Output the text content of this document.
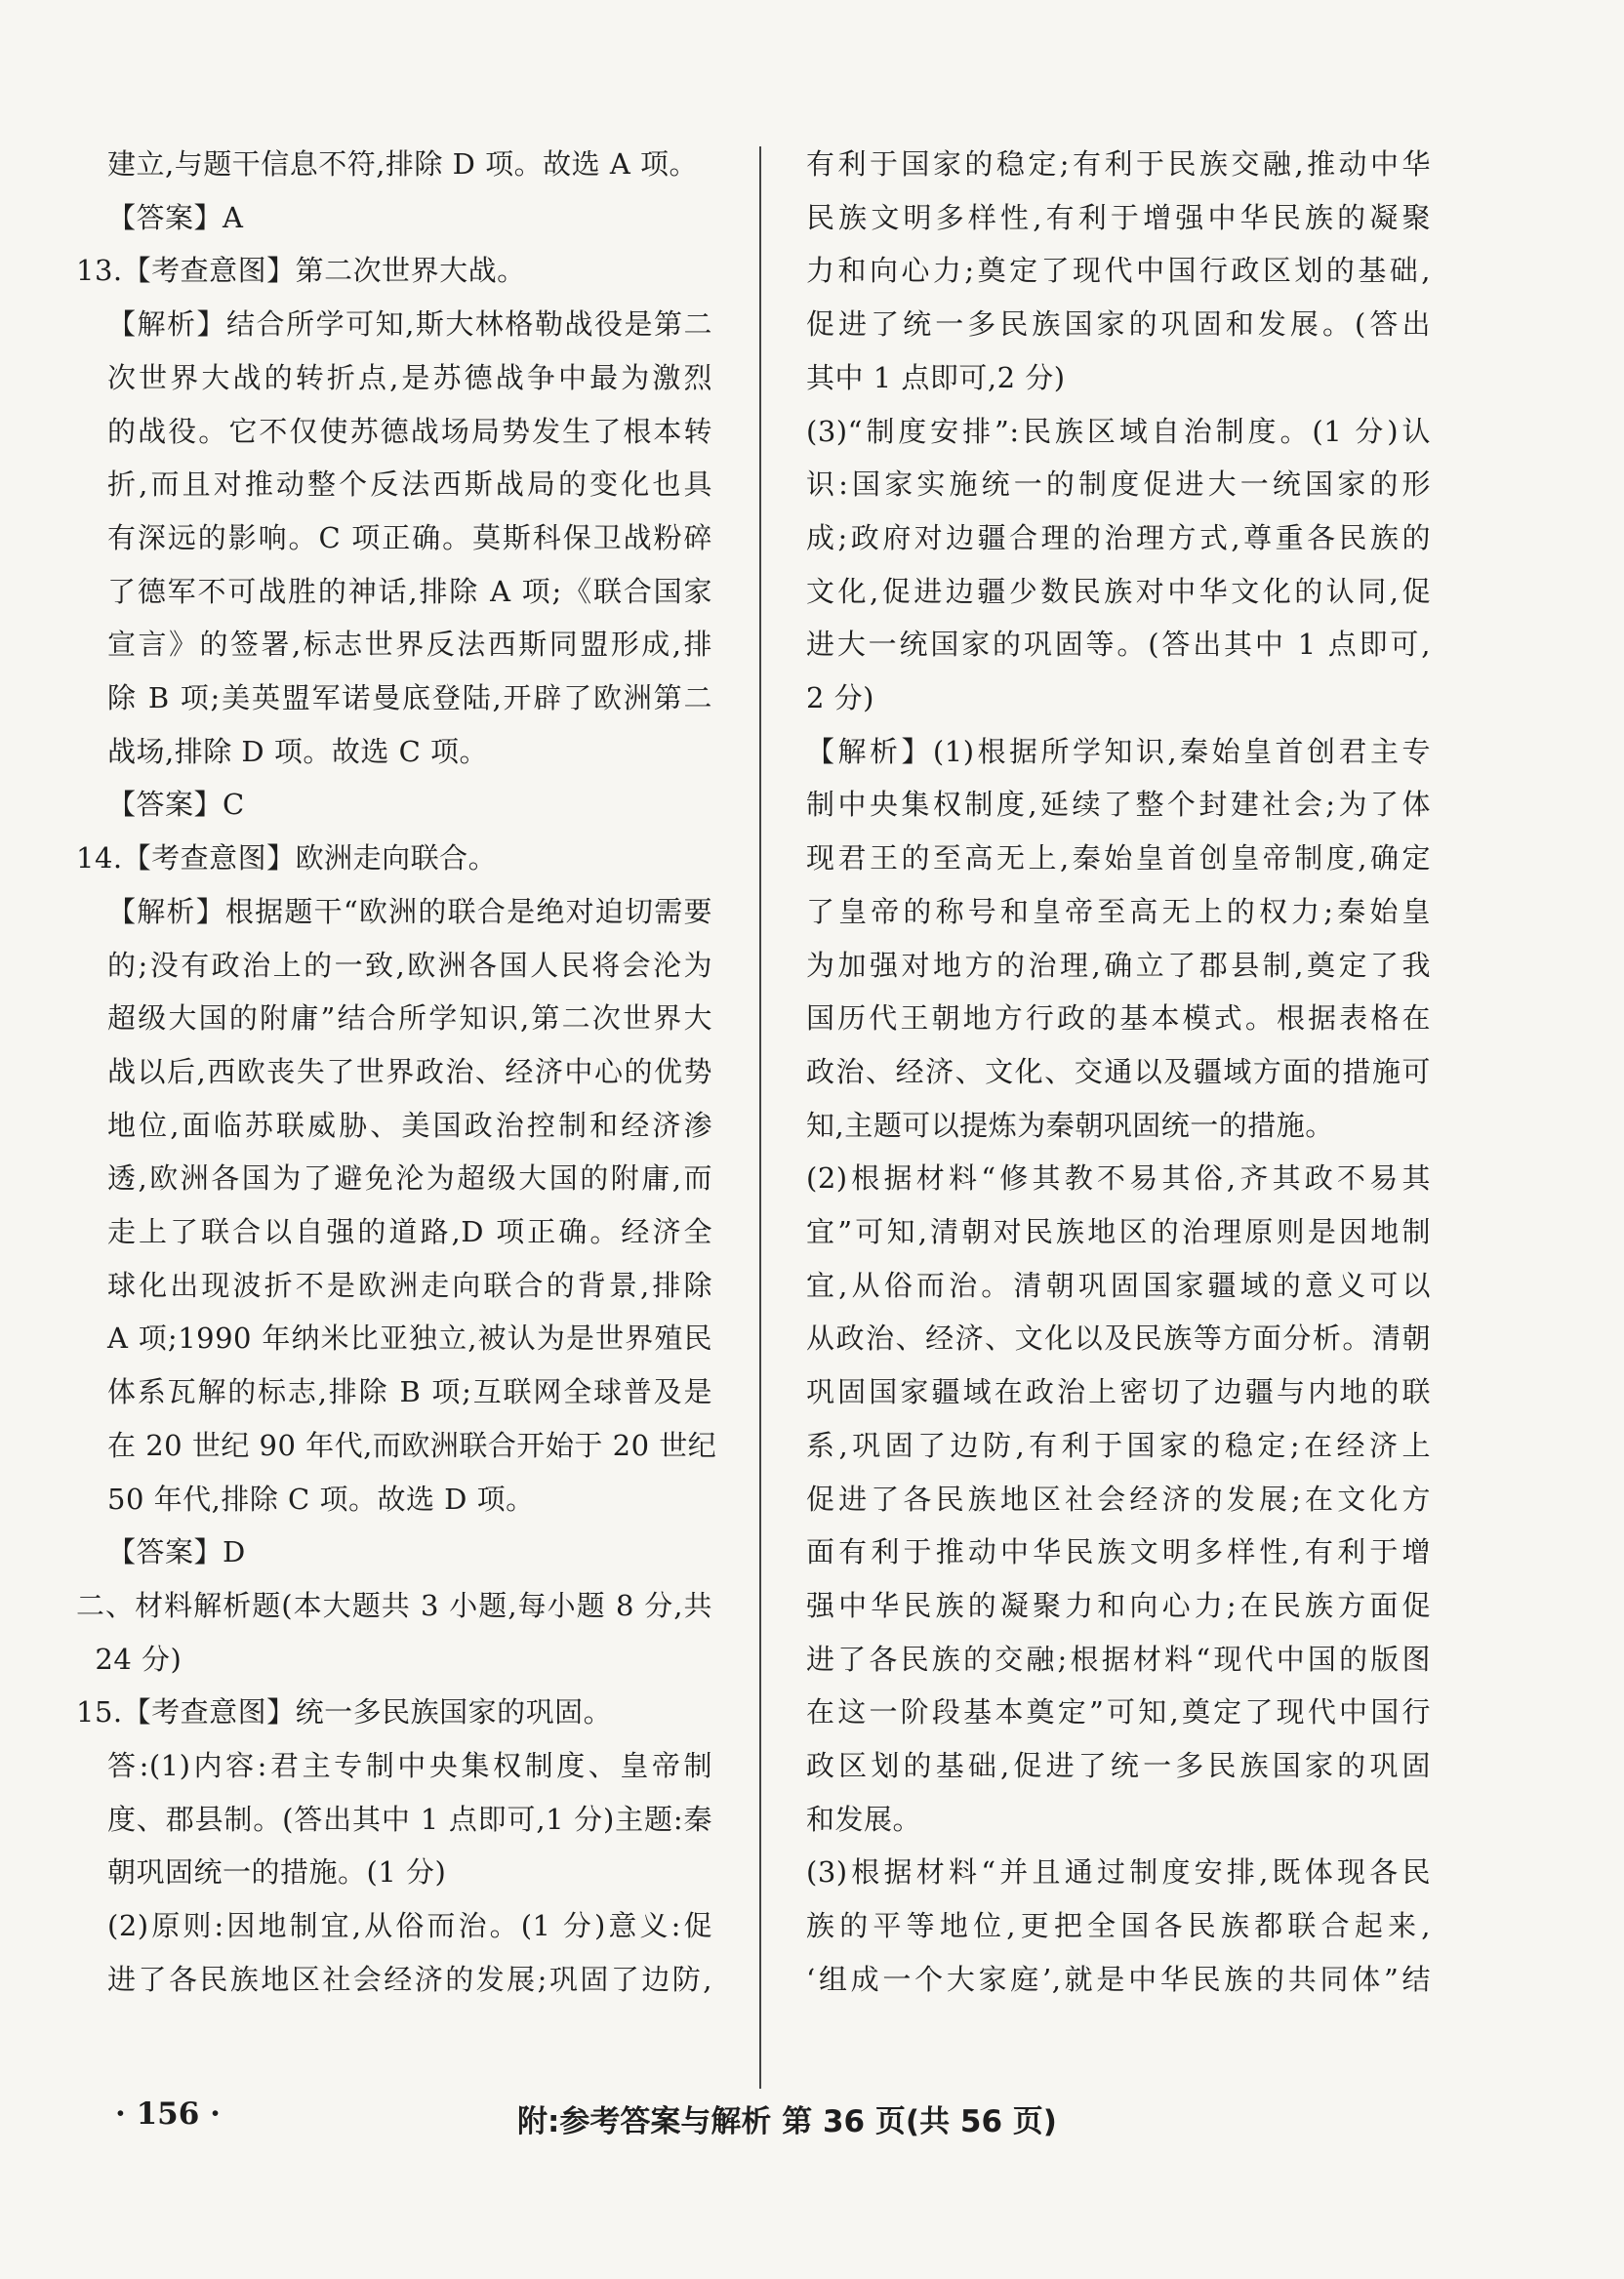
建立,与题干信息不符,排除 D 项。故选 A 项。
【答案】A
13.【考查意图】第二次世界大战。
【解析】结合所学可知,斯大林格勒战役是第二
次世界大战的转折点,是苏德战争中最为激烈
的战役。它不仅使苏德战场局势发生了根本转
折,而且对推动整个反法西斯战局的变化也具
有深远的影响。C 项正确。莫斯科保卫战粉碎
了德军不可战胜的神话,排除 A 项;《联合国家
宣言》的签署,标志世界反法西斯同盟形成,排
除 B 项;美英盟军诺曼底登陆,开辟了欧洲第二
战场,排除 D 项。故选 C 项。
【答案】C
14.【考查意图】欧洲走向联合。
【解析】根据题干“欧洲的联合是绝对迫切需要
的;没有政治上的一致,欧洲各国人民将会沦为
超级大国的附庸”结合所学知识,第二次世界大
战以后,西欧丧失了世界政治、经济中心的优势
地位,面临苏联威胁、美国政治控制和经济渗
透,欧洲各国为了避免沦为超级大国的附庸,而
走上了联合以自强的道路,D 项正确。经济全
球化出现波折不是欧洲走向联合的背景,排除
A 项;1990 年纳米比亚独立,被认为是世界殖民
体系瓦解的标志,排除 B 项;互联网全球普及是
在 20 世纪 90 年代,而欧洲联合开始于 20 世纪
50 年代,排除 C 项。故选 D 项。
【答案】D
二、材料解析题(本大题共 3 小题,每小题 8 分,共
24 分)
15.【考查意图】统一多民族国家的巩固。
答:(1)内容:君主专制中央集权制度、皇帝制
度、郡县制。(答出其中 1 点即可,1 分)主题:秦
朝巩固统一的措施。(1 分)
(2)原则:因地制宜,从俗而治。(1 分)意义:促
进了各民族地区社会经济的发展;巩固了边防,
有利于国家的稳定;有利于民族交融,推动中华
民族文明多样性,有利于增强中华民族的凝聚
力和向心力;奠定了现代中国行政区划的基础,
促进了统一多民族国家的巩固和发展。(答出
其中 1 点即可,2 分)
(3)“制度安排”:民族区域自治制度。(1 分)认
识:国家实施统一的制度促进大一统国家的形
成;政府对边疆合理的治理方式,尊重各民族的
文化,促进边疆少数民族对中华文化的认同,促
进大一统国家的巩固等。(答出其中 1 点即可,
2 分)
【解析】(1)根据所学知识,秦始皇首创君主专
制中央集权制度,延续了整个封建社会;为了体
现君王的至高无上,秦始皇首创皇帝制度,确定
了皇帝的称号和皇帝至高无上的权力;秦始皇
为加强对地方的治理,确立了郡县制,奠定了我
国历代王朝地方行政的基本模式。根据表格在
政治、经济、文化、交通以及疆域方面的措施可
知,主题可以提炼为秦朝巩固统一的措施。
(2)根据材料“修其教不易其俗,齐其政不易其
宜”可知,清朝对民族地区的治理原则是因地制
宜,从俗而治。清朝巩固国家疆域的意义可以
从政治、经济、文化以及民族等方面分析。清朝
巩固国家疆域在政治上密切了边疆与内地的联
系,巩固了边防,有利于国家的稳定;在经济上
促进了各民族地区社会经济的发展;在文化方
面有利于推动中华民族文明多样性,有利于增
强中华民族的凝聚力和向心力;在民族方面促
进了各民族的交融;根据材料“现代中国的版图
在这一阶段基本奠定”可知,奠定了现代中国行
政区划的基础,促进了统一多民族国家的巩固
和发展。
(3)根据材料“并且通过制度安排,既体现各民
族的平等地位,更把全国各民族都联合起来,
‘组成一个大家庭’,就是中华民族的共同体”结
· 156 ·	附:参考答案与解析 第 36 页(共 56 页)
